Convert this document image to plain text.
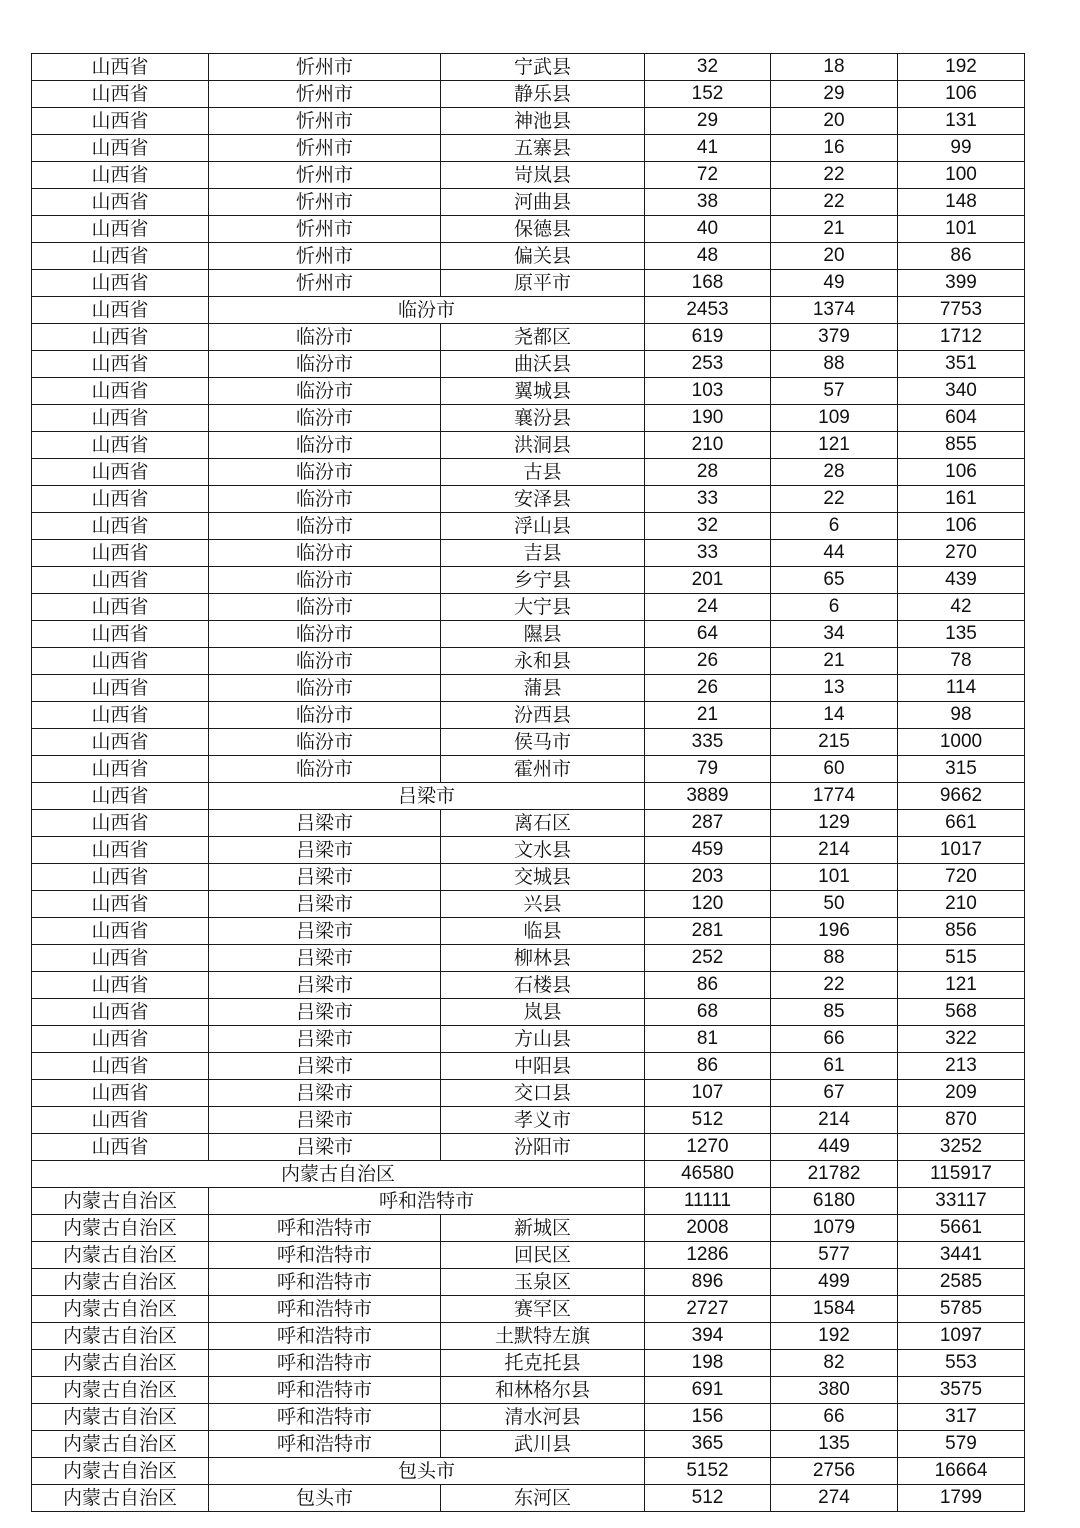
山西省	忻州市	宁武县	32	18	192
山西省	忻州市	静乐县	152	29	106
山西省	忻州市	神池县	29	20	131
山西省	忻州市	五寨县	41	16	99
山西省	忻州市	岢岚县	72	22	100
山西省	忻州市	河曲县	38	22	148
山西省	忻州市	保德县	40	21	101
山西省	忻州市	偏关县	48	20	86
山西省	忻州市	原平市	168	49	399
山西省	临汾市		2453	1374	7753
山西省	临汾市	尧都区	619	379	1712
山西省	临汾市	曲沃县	253	88	351
山西省	临汾市	翼城县	103	57	340
山西省	临汾市	襄汾县	190	109	604
山西省	临汾市	洪洞县	210	121	855
山西省	临汾市	古县	28	28	106
山西省	临汾市	安泽县	33	22	161
山西省	临汾市	浮山县	32	6	106
山西省	临汾市	吉县	33	44	270
山西省	临汾市	乡宁县	201	65	439
山西省	临汾市	大宁县	24	6	42
山西省	临汾市	隰县	64	34	135
山西省	临汾市	永和县	26	21	78
山西省	临汾市	蒲县	26	13	114
山西省	临汾市	汾西县	21	14	98
山西省	临汾市	侯马市	335	215	1000
山西省	临汾市	霍州市	79	60	315
山西省	吕梁市		3889	1774	9662
山西省	吕梁市	离石区	287	129	661
山西省	吕梁市	文水县	459	214	1017
山西省	吕梁市	交城县	203	101	720
山西省	吕梁市	兴县	120	50	210
山西省	吕梁市	临县	281	196	856
山西省	吕梁市	柳林县	252	88	515
山西省	吕梁市	石楼县	86	22	121
山西省	吕梁市	岚县	68	85	568
山西省	吕梁市	方山县	81	66	322
山西省	吕梁市	中阳县	86	61	213
山西省	吕梁市	交口县	107	67	209
山西省	吕梁市	孝义市	512	214	870
山西省	吕梁市	汾阳市	1270	449	3252
内蒙古自治区			46580	21782	115917
内蒙古自治区	呼和浩特市		11111	6180	33117
内蒙古自治区	呼和浩特市	新城区	2008	1079	5661
内蒙古自治区	呼和浩特市	回民区	1286	577	3441
内蒙古自治区	呼和浩特市	玉泉区	896	499	2585
内蒙古自治区	呼和浩特市	赛罕区	2727	1584	5785
内蒙古自治区	呼和浩特市	土默特左旗	394	192	1097
内蒙古自治区	呼和浩特市	托克托县	198	82	553
内蒙古自治区	呼和浩特市	和林格尔县	691	380	3575
内蒙古自治区	呼和浩特市	清水河县	156	66	317
内蒙古自治区	呼和浩特市	武川县	365	135	579
内蒙古自治区	包头市		5152	2756	16664
内蒙古自治区	包头市	东河区	512	274	1799
